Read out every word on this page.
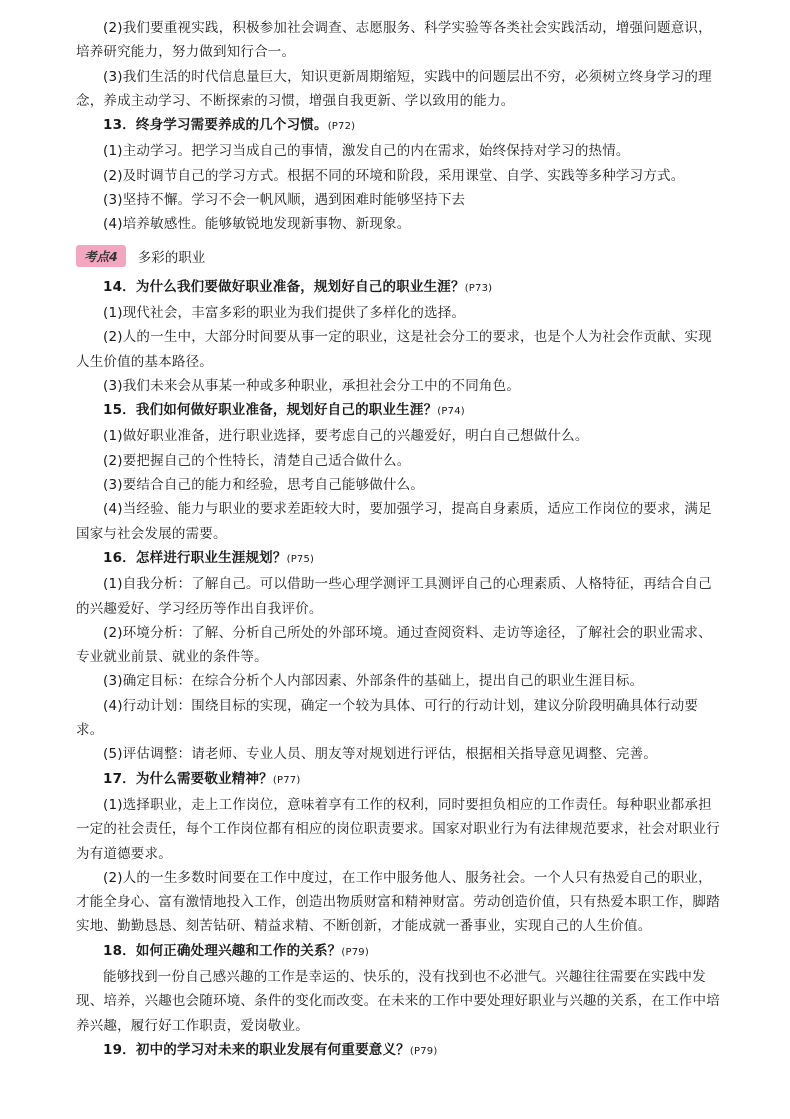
(2)我们要重视实践，积极参加社会调查、志愿服务、科学实验等各类社会实践活动，增强问题意识，培养研究能力，努力做到知行合一。

(3)我们生活的时代信息量巨大，知识更新周期缩短，实践中的问题层出不穷，必须树立终身学习的理念，养成主动学习、不断探索的习惯，增强自我更新、学以致用的能力。

13．终身学习需要养成的几个习惯。(P72)

(1)主动学习。把学习当成自己的事情，激发自己的内在需求，始终保持对学习的热情。

(2)及时调节自己的学习方式。根据不同的环境和阶段，采用课堂、自学、实践等多种学习方式。

(3)坚持不懈。学习不会一帆风顺，遇到困难时能够坚持下去

(4)培养敏感性。能够敏锐地发现新事物、新现象。

考点4	多彩的职业

14．为什么我们要做好职业准备，规划好自己的职业生涯？(P73)

(1)现代社会，丰富多彩的职业为我们提供了多样化的选择。

(2)人的一生中，大部分时间要从事一定的职业，这是社会分工的要求，也是个人为社会作贡献、实现人生价值的基本路径。

(3)我们未来会从事某一种或多种职业，承担社会分工中的不同角色。

15．我们如何做好职业准备，规划好自己的职业生涯？(P74)

(1)做好职业准备，进行职业选择，要考虑自己的兴趣爱好，明白自己想做什么。

(2)要把握自己的个性特长，清楚自己适合做什么。

(3)要结合自己的能力和经验，思考自己能够做什么。

(4)当经验、能力与职业的要求差距较大时，要加强学习，提高自身素质，适应工作岗位的要求，满足国家与社会发展的需要。

16．怎样进行职业生涯规划？(P75)

(1)自我分析：了解自己。可以借助一些心理学测评工具测评自己的心理素质、人格特征，再结合自己的兴趣爱好、学习经历等作出自我评价。

(2)环境分析：了解、分析自己所处的外部环境。通过查阅资料、走访等途径，了解社会的职业需求、专业就业前景、就业的条件等。

(3)确定目标：在综合分析个人内部因素、外部条件的基础上，提出自己的职业生涯目标。

(4)行动计划：围绕目标的实现，确定一个较为具体、可行的行动计划，建议分阶段明确具体行动要求。

(5)评估调整：请老师、专业人员、朋友等对规划进行评估，根据相关指导意见调整、完善。

17．为什么需要敬业精神？(P77)

(1)选择职业，走上工作岗位，意味着享有工作的权利，同时要担负相应的工作责任。每种职业都承担一定的社会责任，每个工作岗位都有相应的岗位职责要求。国家对职业行为有法律规范要求，社会对职业行为有道德要求。

(2)人的一生多数时间要在工作中度过，在工作中服务他人、服务社会。一个人只有热爱自己的职业，才能全身心、富有激情地投入工作，创造出物质财富和精神财富。劳动创造价值，只有热爱本职工作，脚踏实地、勤勤恳恳、刻苦钻研、精益求精、不断创新，才能成就一番事业，实现自己的人生价值。

18．如何正确处理兴趣和工作的关系？(P79)

能够找到一份自己感兴趣的工作是幸运的、快乐的，没有找到也不必泄气。兴趣往往需要在实践中发现、培养，兴趣也会随环境、条件的变化而改变。在未来的工作中要处理好职业与兴趣的关系，在工作中培养兴趣，履行好工作职责，爱岗敬业。

19．初中的学习对未来的职业发展有何重要意义？(P79)
